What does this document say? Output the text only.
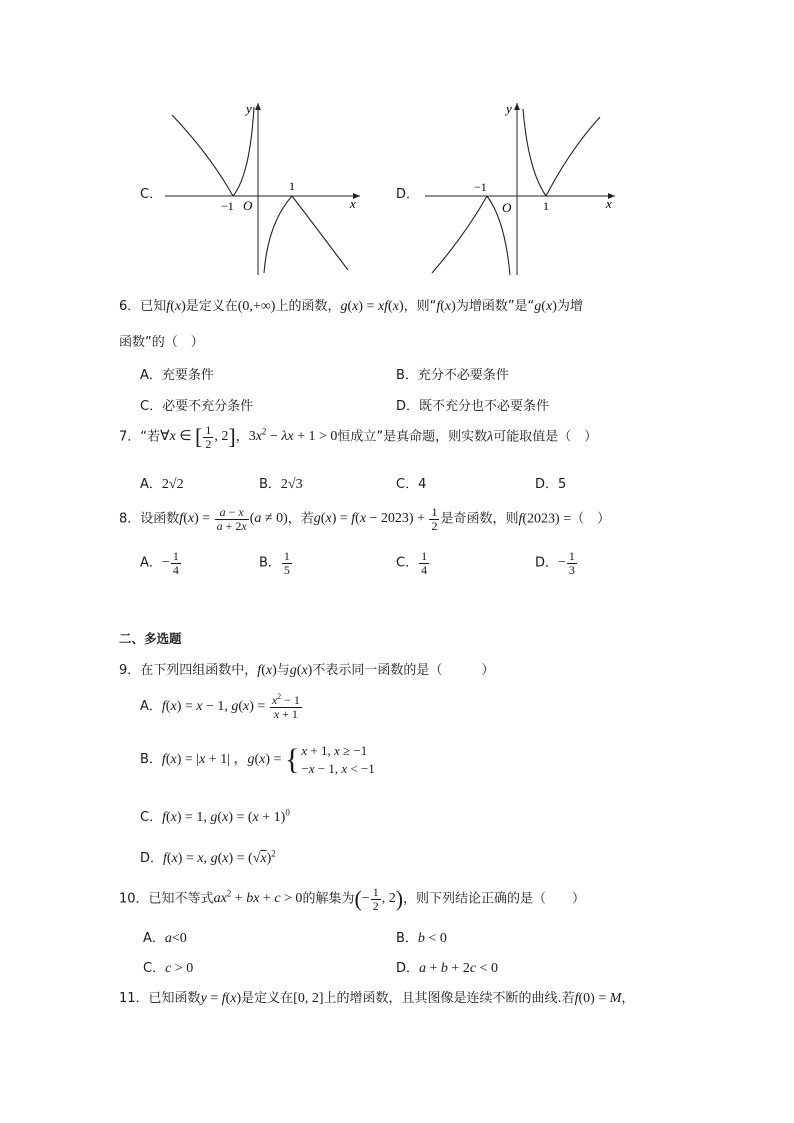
y
x
O
−1
1
C．
y
x
O
−1
1
D．
6．已知f(x)是定义在(0,+∞)上的函数，g(x) = xf(x)，则“f(x)为增函数”是“g(x)为增
函数”的（　）
A．充要条件	B．充分不必要条件
C．必要不充分条件	D．既不充分也不必要条件
7．“若∀x ∈ [ $\frac{1}{2}$ , 2]，$3x^2 - \lambda x + 1 > 0$恒成立”是真命题，则实数λ可能取值是（　）
A．2√2	B．2√3	C．4	D．5
8．设函数$f(x) = \frac{a - x}{a + 2x} (a \ne 0)$，若$g(x) = f(x - 2023) + \frac{1}{2}$ 是奇函数，则f(2023) =（　）
A．− $\frac{1}{4}$	B． $\frac{1}{5}$	C． $\frac{1}{4}$	D．− $\frac{1}{3}$
二、多选题
9．在下列四组函数中，f(x)与g(x)不表示同一函数的是（　　　）
A．f(x) = x − 1, $g(x) = \frac{x^2 - 1}{x + 1}$
B．f(x) = |x + 1| ，g(x) = { x + 1, x ≥ −1
−x − 1, x < −1
C．f(x) = 1, $g(x) = (x + 1)^0$
D．f(x) = x, $g(x) = (√x)^2$
10．已知不等式$ax^2$ + bx + c > 0的解集为(− $\frac{1}{2}$ , 2)，则下列结论正确的是（　　）
A．a<0	B．b < 0
C．c > 0	D．a + b + 2c < 0
11．已知函数y = f(x)是定义在[0, 2]上的增函数，且其图像是连续不断的曲线.若f(0) = M，
